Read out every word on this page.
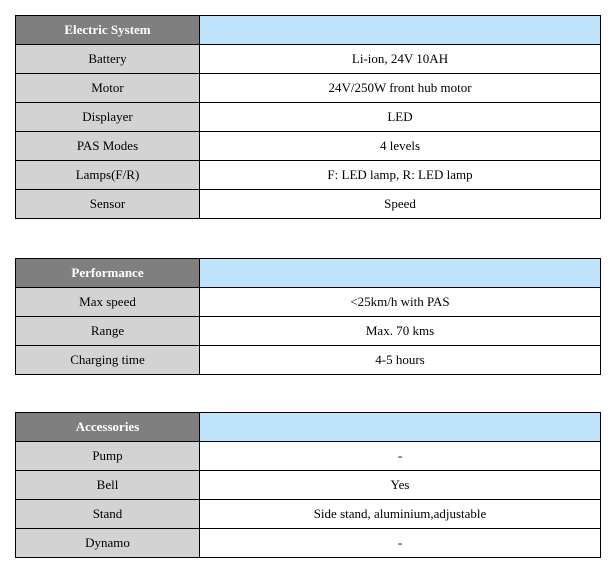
Electric System	
Battery	Li-ion, 24V 10AH
Motor	24V/250W front hub motor
Displayer	LED
PAS Modes	4 levels
Lamps(F/R)	F: LED lamp, R: LED lamp
Sensor	Speed
Performance	
Max speed	<25km/h with PAS
Range	Max. 70 kms
Charging time	4-5 hours
Accessories	
Pump	-
Bell	Yes
Stand	Side stand, aluminium,adjustable
Dynamo	-
